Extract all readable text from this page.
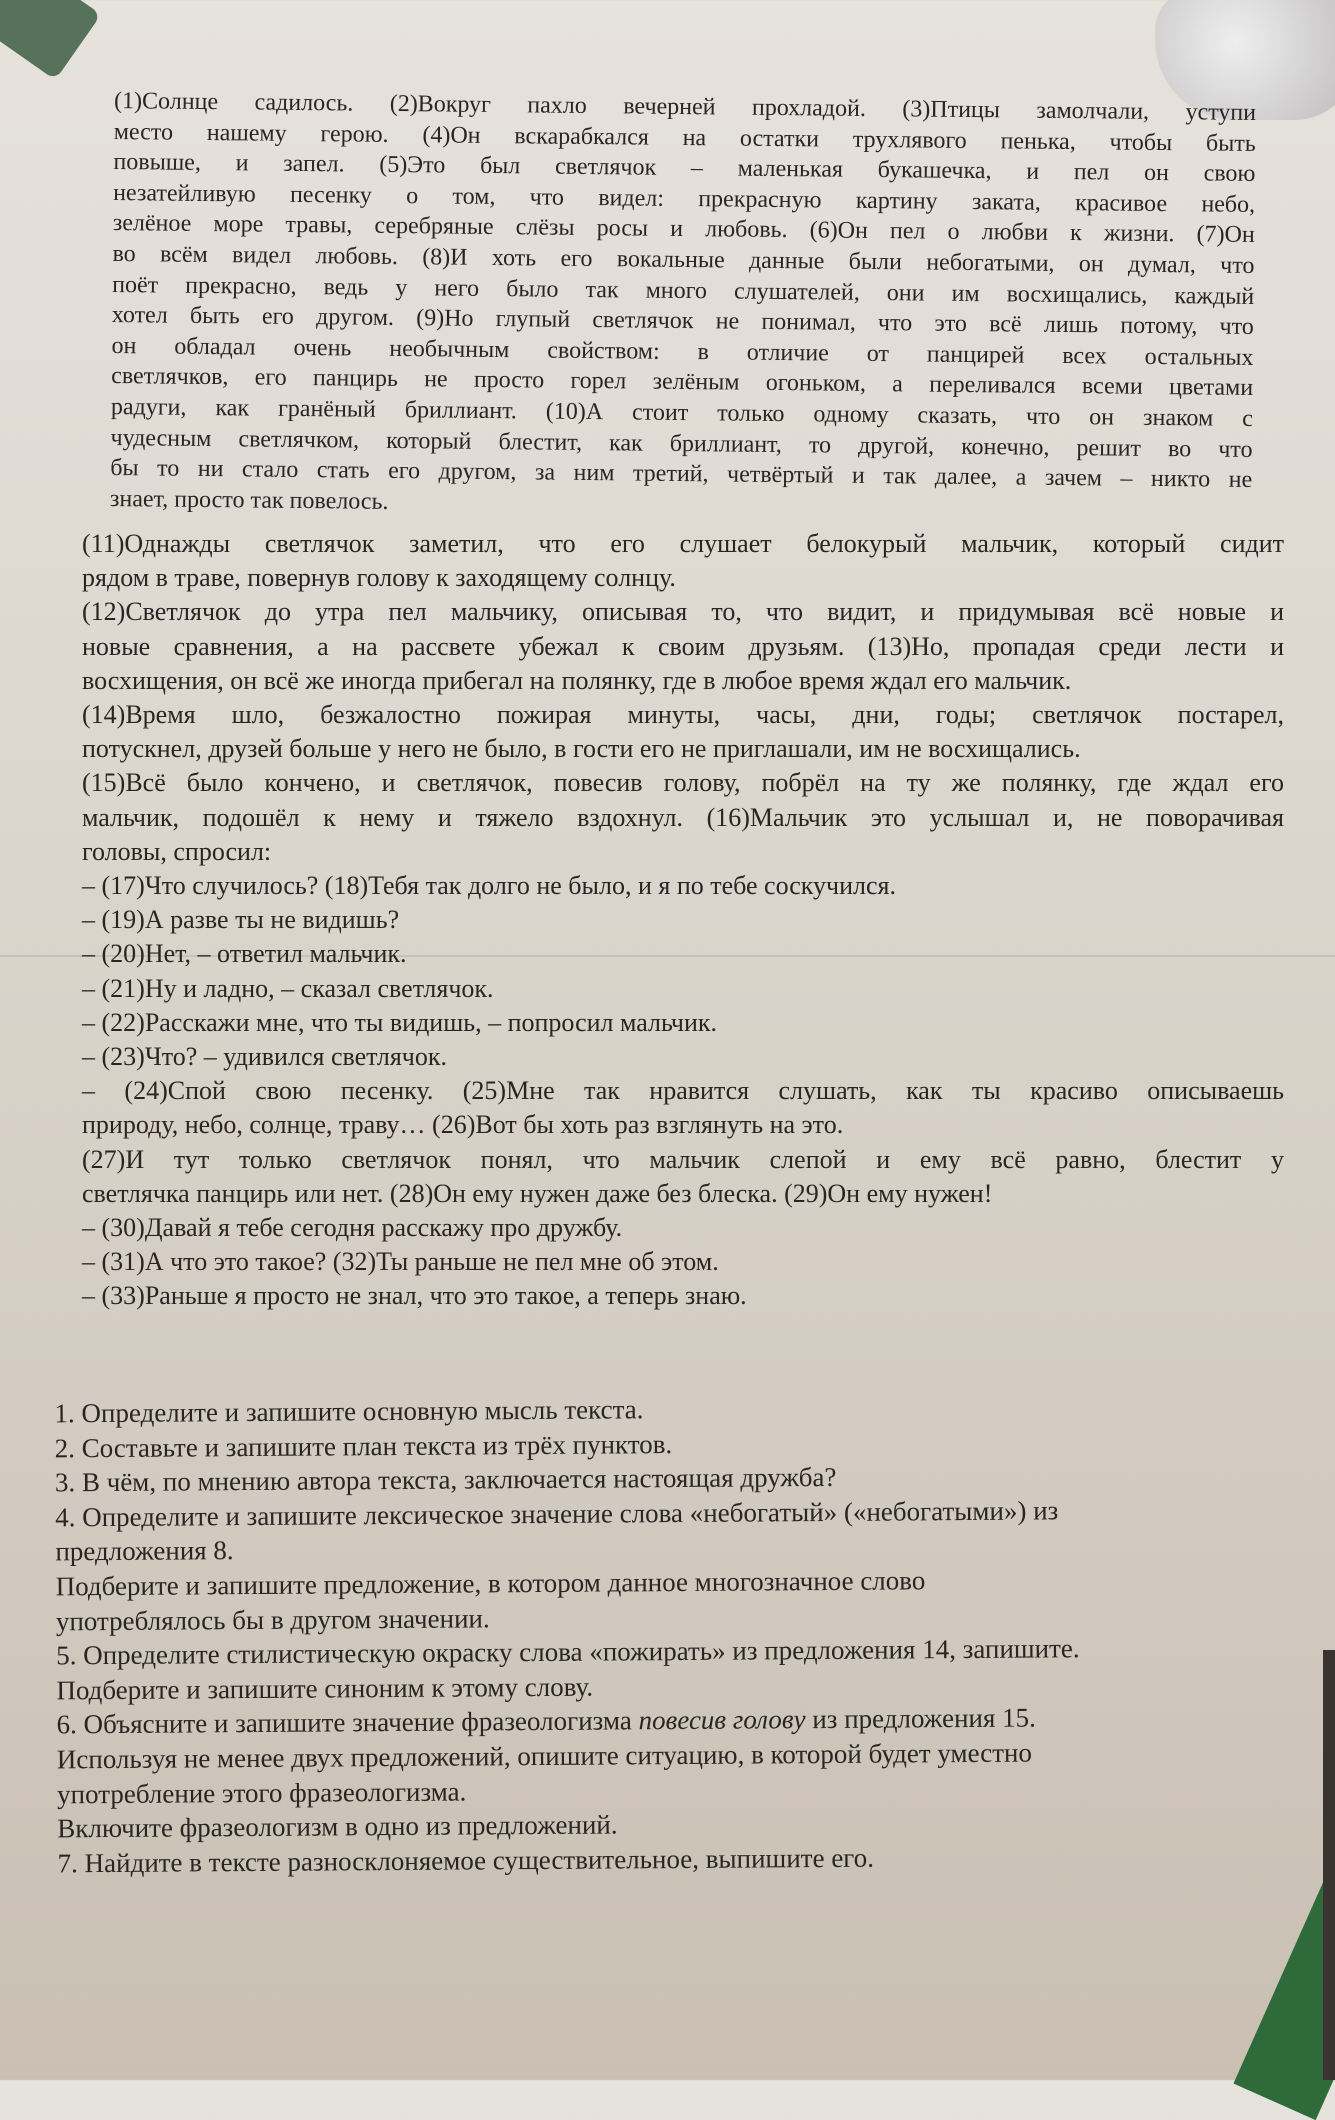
(1)Солнце садилось. (2)Вокруг пахло вечерней прохладой. (3)Птицы замолчали, уступи
место нашему герою. (4)Он вскарабкался на остатки трухлявого пенька, чтобы быть
повыше, и запел. (5)Это был светлячок – маленькая букашечка, и пел он свою
незатейливую песенку о том, что видел: прекрасную картину заката, красивое небо,
зелёное море травы, серебряные слёзы росы и любовь. (6)Он пел о любви к жизни. (7)Он
во всём видел любовь. (8)И хоть его вокальные данные были небогатыми, он думал, что
поёт прекрасно, ведь у него было так много слушателей, они им восхищались, каждый
хотел быть его другом. (9)Но глупый светлячок не понимал, что это всё лишь потому, что
он обладал очень необычным свойством: в отличие от панцирей всех остальных
светлячков, его панцирь не просто горел зелёным огоньком, а переливался всеми цветами
радуги, как гранёный бриллиант. (10)А стоит только одному сказать, что он знаком с
чудесным светлячком, который блестит, как бриллиант, то другой, конечно, решит во что
бы то ни стало стать его другом, за ним третий, четвёртый и так далее, а зачем – никто не
знает, просто так повелось.
(11)Однажды светлячок заметил, что его слушает белокурый мальчик, который сидит
рядом в траве, повернув голову к заходящему солнцу.
(12)Светлячок до утра пел мальчику, описывая то, что видит, и придумывая всё новые и
новые сравнения, а на рассвете убежал к своим друзьям. (13)Но, пропадая среди лести и
восхищения, он всё же иногда прибегал на полянку, где в любое время ждал его мальчик.
(14)Время шло, безжалостно пожирая минуты, часы, дни, годы; светлячок постарел,
потускнел, друзей больше у него не было, в гости его не приглашали, им не восхищались.
(15)Всё было кончено, и светлячок, повесив голову, побрёл на ту же полянку, где ждал его
мальчик, подошёл к нему и тяжело вздохнул. (16)Мальчик это услышал и, не поворачивая
головы, спросил:
– (17)Что случилось? (18)Тебя так долго не было, и я по тебе соскучился.
– (19)А разве ты не видишь?
– (20)Нет, – ответил мальчик.
– (21)Ну и ладно, – сказал светлячок.
– (22)Расскажи мне, что ты видишь, – попросил мальчик.
– (23)Что? – удивился светлячок.
– (24)Спой свою песенку. (25)Мне так нравится слушать, как ты красиво описываешь
природу, небо, солнце, траву… (26)Вот бы хоть раз взглянуть на это.
(27)И тут только светлячок понял, что мальчик слепой и ему всё равно, блестит у
светлячка панцирь или нет. (28)Он ему нужен даже без блеска. (29)Он ему нужен!
– (30)Давай я тебе сегодня расскажу про дружбу.
– (31)А что это такое? (32)Ты раньше не пел мне об этом.
– (33)Раньше я просто не знал, что это такое, а теперь знаю.
1. Определите и запишите основную мысль текста.
2. Составьте и запишите план текста из трёх пунктов.
3. В чём, по мнению автора текста, заключается настоящая дружба?
4. Определите и запишите лексическое значение слова «небогатый» («небогатыми») из
предложения 8.
Подберите и запишите предложение, в котором данное многозначное слово
употреблялось бы в другом значении.
5. Определите стилистическую окраску слова «пожирать» из предложения 14, запишите.
Подберите и запишите синоним к этому слову.
6. Объясните и запишите значение фразеологизма повесив голову из предложения 15.
Используя не менее двух предложений, опишите ситуацию, в которой будет уместно
употребление этого фразеологизма.
Включите фразеологизм в одно из предложений.
7. Найдите в тексте разносклоняемое существительное, выпишите его.
